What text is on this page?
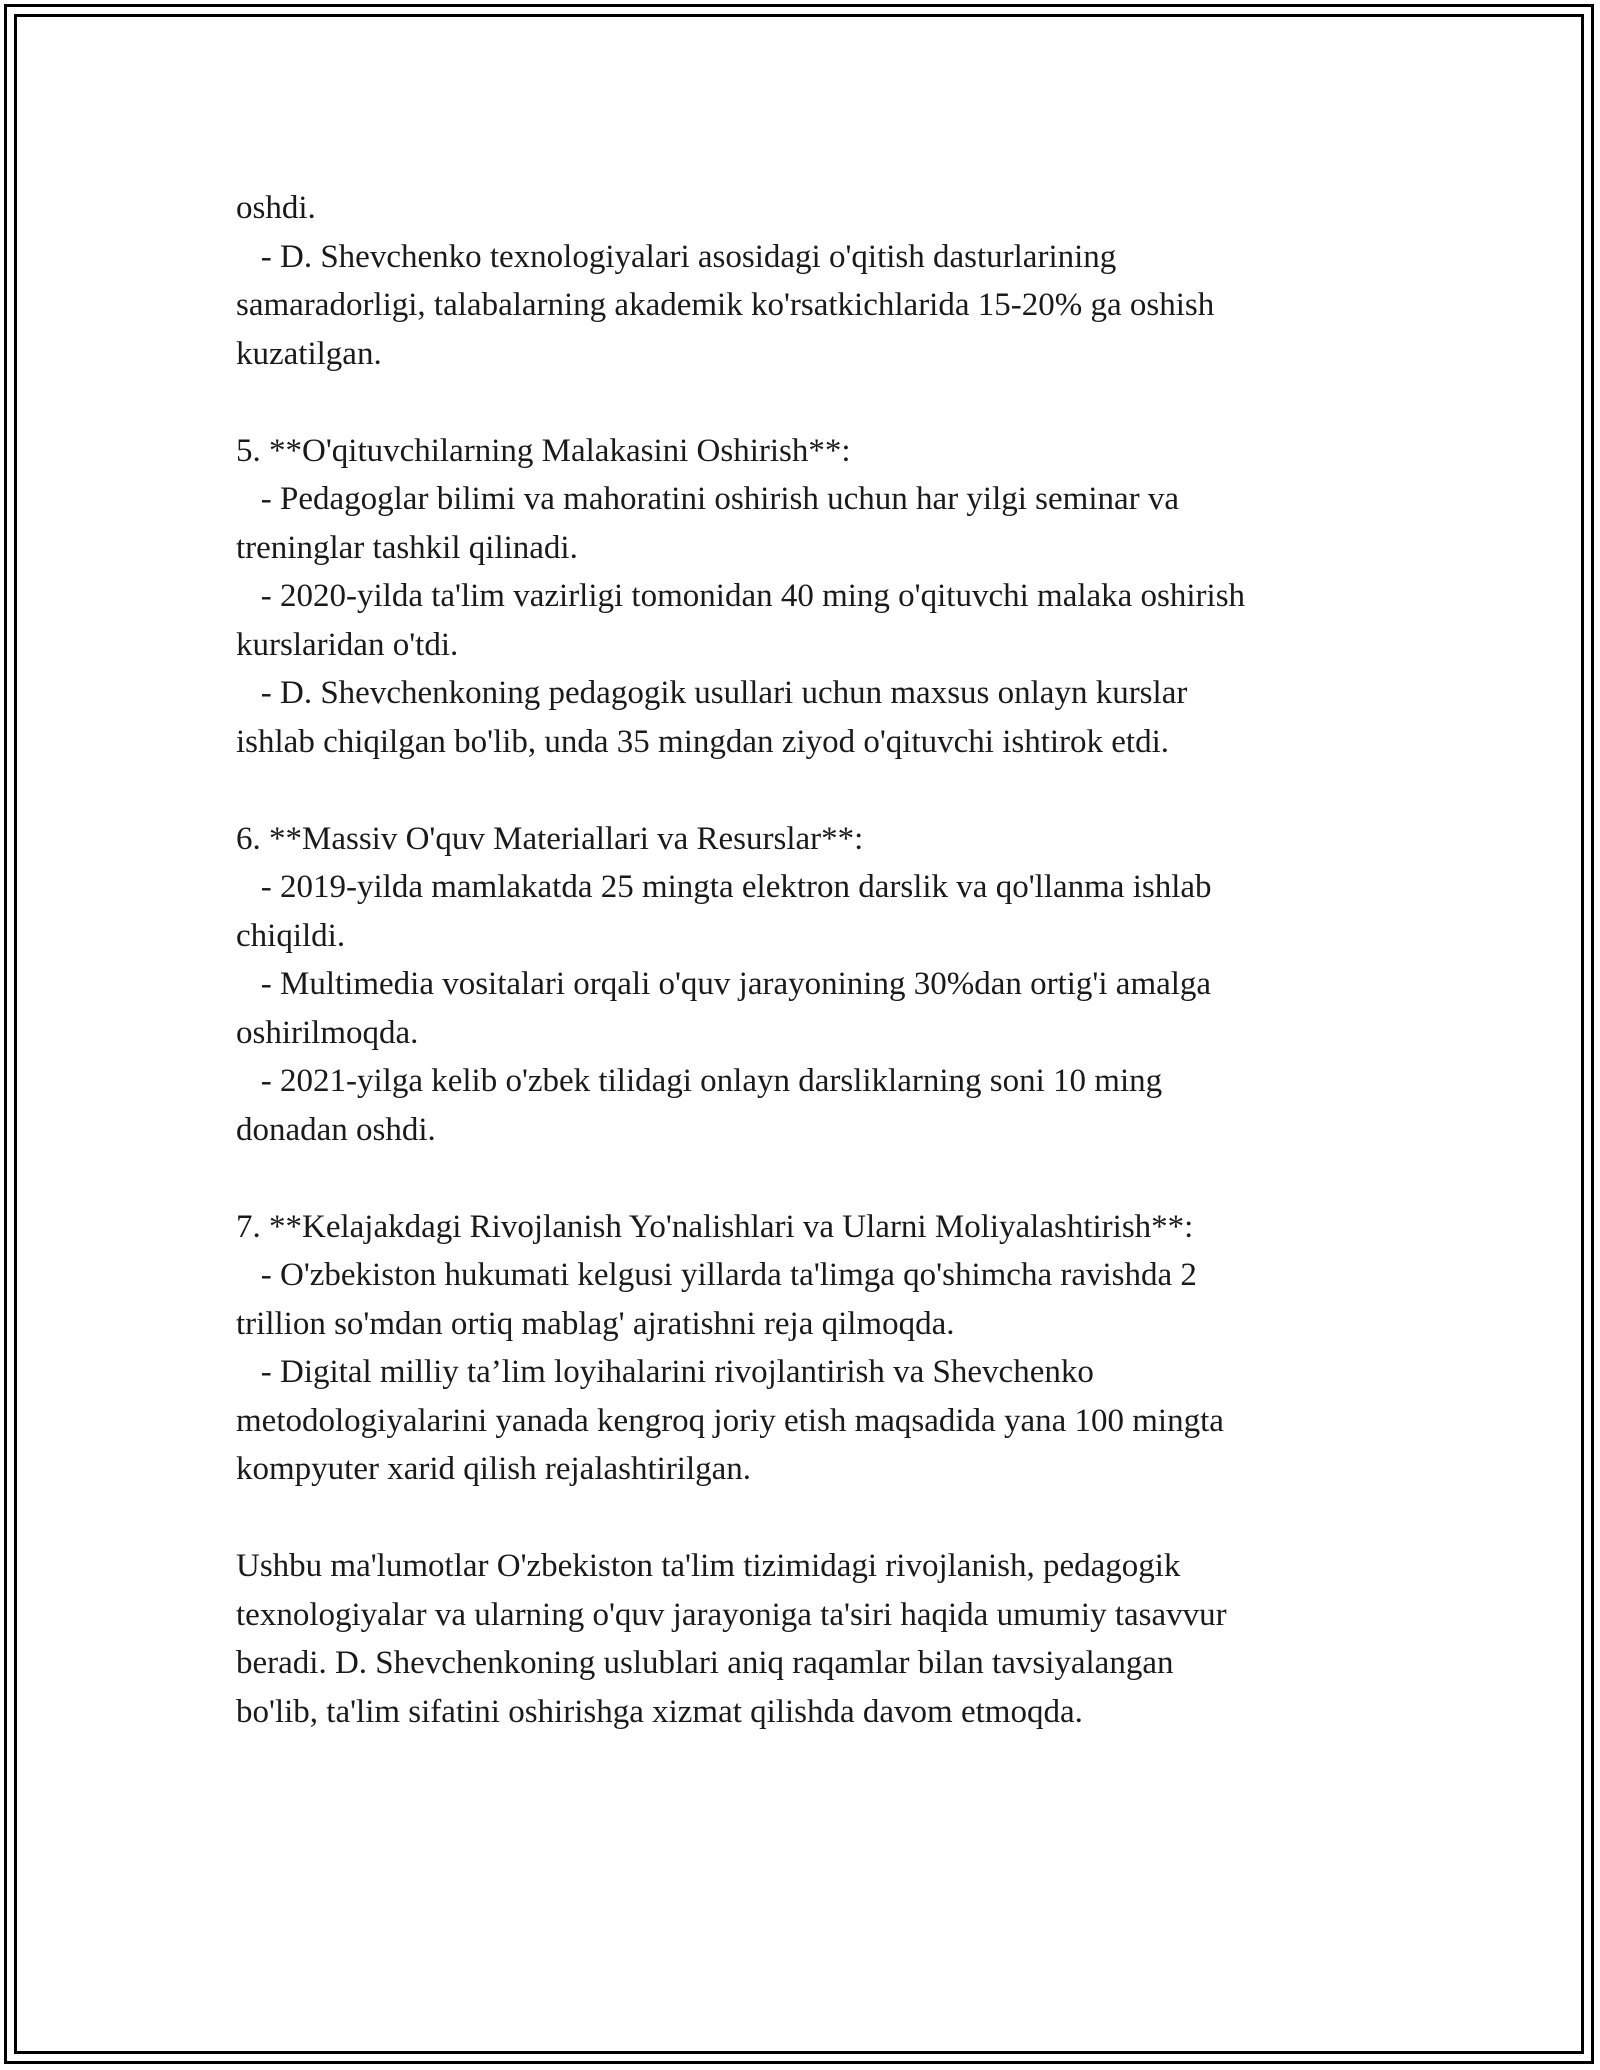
oshdi.
- D. Shevchenko texnologiyalari asosidagi o'qitish dasturlarining
samaradorligi, talabalarning akademik ko'rsatkichlarida 15-20% ga oshish
kuzatilgan.
5. **O'qituvchilarning Malakasini Oshirish**:
- Pedagoglar bilimi va mahoratini oshirish uchun har yilgi seminar va
treninglar tashkil qilinadi.
- 2020-yilda ta'lim vazirligi tomonidan 40 ming o'qituvchi malaka oshirish
kurslaridan o'tdi.
- D. Shevchenkoning pedagogik usullari uchun maxsus onlayn kurslar
ishlab chiqilgan bo'lib, unda 35 mingdan ziyod o'qituvchi ishtirok etdi.
6. **Massiv O'quv Materiallari va Resurslar**:
- 2019-yilda mamlakatda 25 mingta elektron darslik va qo'llanma ishlab
chiqildi.
- Multimedia vositalari orqali o'quv jarayonining 30%dan ortig'i amalga
oshirilmoqda.
- 2021-yilga kelib o'zbek tilidagi onlayn darsliklarning soni 10 ming
donadan oshdi.
7. **Kelajakdagi Rivojlanish Yo'nalishlari va Ularni Moliyalashtirish**:
- O'zbekiston hukumati kelgusi yillarda ta'limga qo'shimcha ravishda 2
trillion so'mdan ortiq mablag' ajratishni reja qilmoqda.
- Digital milliy ta’lim loyihalarini rivojlantirish va Shevchenko
metodologiyalarini yanada kengroq joriy etish maqsadida yana 100 mingta
kompyuter xarid qilish rejalashtirilgan.
Ushbu ma'lumotlar O'zbekiston ta'lim tizimidagi rivojlanish, pedagogik
texnologiyalar va ularning o'quv jarayoniga ta'siri haqida umumiy tasavvur
beradi. D. Shevchenkoning uslublari aniq raqamlar bilan tavsiyalangan
bo'lib, ta'lim sifatini oshirishga xizmat qilishda davom etmoqda.
